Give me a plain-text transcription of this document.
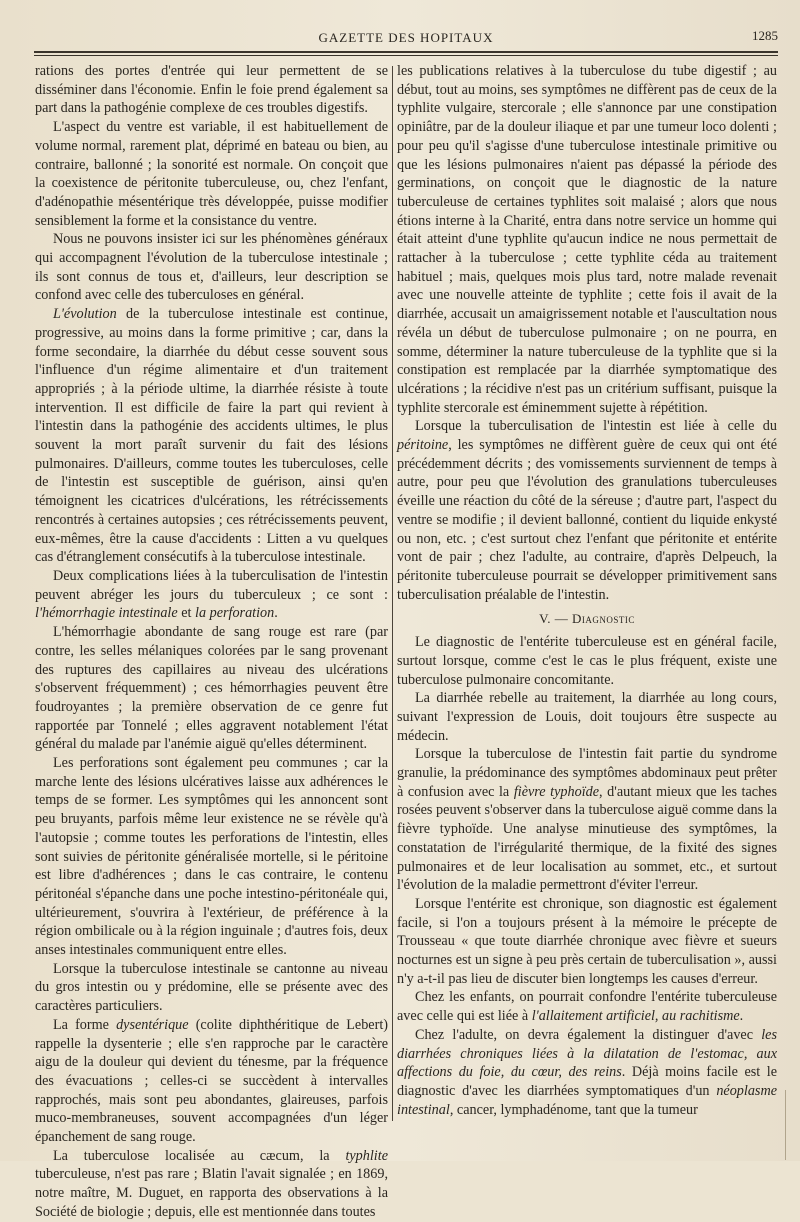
GAZETTE DES HOPITAUX	1285

rations des portes d'entrée qui leur permettent de se disséminer dans l'économie. Enfin le foie prend également sa part dans la pathogénie complexe de ces troubles digestifs.

L'aspect du ventre est variable, il est habituellement de volume normal, rarement plat, déprimé en bateau ou bien, au contraire, ballonné ; la sonorité est normale. On conçoit que la coexistence de péritonite tuberculeuse, ou, chez l'enfant, d'adénopathie mésentérique très développée, puisse modifier sensiblement la forme et la consistance du ventre.

Nous ne pouvons insister ici sur les phénomènes généraux qui accompagnent l'évolution de la tuberculose intestinale ; ils sont connus de tous et, d'ailleurs, leur description se confond avec celle des tuberculoses en général.

L'évolution de la tuberculose intestinale est continue, progressive, au moins dans la forme primitive ; car, dans la forme secondaire, la diarrhée du début cesse souvent sous l'influence d'un régime alimentaire et d'un traitement appropriés ; à la période ultime, la diarrhée résiste à toute intervention. Il est difficile de faire la part qui revient à l'intestin dans la pathogénie des accidents ultimes, le plus souvent la mort paraît survenir du fait des lésions pulmonaires. D'ailleurs, comme toutes les tuberculoses, celle de l'intestin est susceptible de guérison, ainsi qu'en témoignent les cicatrices d'ulcérations, les rétrécissements rencontrés à certaines autopsies ; ces rétrécissements peuvent, eux-mêmes, être la cause d'accidents : Litten a vu quelques cas d'étranglement consécutifs à la tuberculose intestinale.

Deux complications liées à la tuberculisation de l'intestin peuvent abréger les jours du tuberculeux ; ce sont : l'hémorrhagie intestinale et la perforation.

L'hémorrhagie abondante de sang rouge est rare (par contre, les selles mélaniques colorées par le sang provenant des ruptures des capillaires au niveau des ulcérations s'observent fréquemment) ; ces hémorrhagies peuvent être foudroyantes ; la première observation de ce genre fut rapportée par Tonnelé ; elles aggravent notablement l'état général du malade par l'anémie aiguë qu'elles déterminent.

Les perforations sont également peu communes ; car la marche lente des lésions ulcératives laisse aux adhérences le temps de se former. Les symptômes qui les annoncent sont peu bruyants, parfois même leur existence ne se révèle qu'à l'autopsie ; comme toutes les perforations de l'intestin, elles sont suivies de péritonite généralisée mortelle, si le péritoine est libre d'adhérences ; dans le cas contraire, le contenu péritonéal s'épanche dans une poche intestino-péritonéale qui, ultérieurement, s'ouvrira à l'extérieur, de préférence à la région ombilicale ou à la région inguinale ; d'autres fois, deux anses intestinales communiquent entre elles.

Lorsque la tuberculose intestinale se cantonne au niveau du gros intestin ou y prédomine, elle se présente avec des caractères particuliers.

La forme dysentérique (colite diphthéritique de Lebert) rappelle la dysenterie ; elle s'en rapproche par le caractère aigu de la douleur qui devient du ténesme, par la fréquence des évacuations ; celles-ci se succèdent à intervalles rapprochés, mais sont peu abondantes, glaireuses, parfois muco-membraneuses, souvent accompagnées d'un léger épanchement de sang rouge.

La tuberculose localisée au cæcum, la typhlite tuberculeuse, n'est pas rare ; Blatin l'avait signalée ; en 1869, notre maître, M. Duguet, en rapporta des observations à la Société de biologie ; depuis, elle est mentionnée dans toutes

les publications relatives à la tuberculose du tube digestif ; au début, tout au moins, ses symptômes ne diffèrent pas de ceux de la typhlite vulgaire, stercorale ; elle s'annonce par une constipation opiniâtre, par de la douleur iliaque et par une tumeur loco dolenti ; pour peu qu'il s'agisse d'une tuberculose intestinale primitive ou que les lésions pulmonaires n'aient pas dépassé la période des germinations, on conçoit que le diagnostic de la nature tuberculeuse de certaines typhlites soit malaisé ; alors que nous étions interne à la Charité, entra dans notre service un homme qui était atteint d'une typhlite qu'aucun indice ne nous permettait de rattacher à la tuberculose ; cette typhlite céda au traitement habituel ; mais, quelques mois plus tard, notre malade revenait avec une nouvelle atteinte de typhlite ; cette fois il avait de la diarrhée, accusait un amaigrissement notable et l'auscultation nous révéla un début de tuberculose pulmonaire ; on ne pourra, en somme, déterminer la nature tuberculeuse de la typhlite que si la constipation est remplacée par la diarrhée symptomatique des ulcérations ; la récidive n'est pas un critérium suffisant, puisque la typhlite stercorale est éminemment sujette à répétition.

Lorsque la tuberculisation de l'intestin est liée à celle du péritoine, les symptômes ne diffèrent guère de ceux qui ont été précédemment décrits ; des vomissements surviennent de temps à autre, pour peu que l'évolution des granulations tuberculeuses éveille une réaction du côté de la séreuse ; d'autre part, l'aspect du ventre se modifie ; il devient ballonné, contient du liquide enkysté ou non, etc. ; c'est surtout chez l'enfant que péritonite et entérite vont de pair ; chez l'adulte, au contraire, d'après Delpeuch, la péritonite tuberculeuse pourrait se développer primitivement sans tuberculisation préalable de l'intestin.

V. — Diagnostic

Le diagnostic de l'entérite tuberculeuse est en général facile, surtout lorsque, comme c'est le cas le plus fréquent, existe une tuberculose pulmonaire concomitante.

La diarrhée rebelle au traitement, la diarrhée au long cours, suivant l'expression de Louis, doit toujours être suspecte au médecin.

Lorsque la tuberculose de l'intestin fait partie du syndrome granulie, la prédominance des symptômes abdominaux peut prêter à confusion avec la fièvre typhoïde, d'autant mieux que les taches rosées peuvent s'observer dans la tuberculose aiguë comme dans la fièvre typhoïde. Une analyse minutieuse des symptômes, la constatation de l'irrégularité thermique, de la fixité des signes pulmonaires et de leur localisation au sommet, etc., et surtout l'évolution de la maladie permettront d'éviter l'erreur.

Lorsque l'entérite est chronique, son diagnostic est également facile, si l'on a toujours présent à la mémoire le précepte de Trousseau « que toute diarrhée chronique avec fièvre et sueurs nocturnes est un signe à peu près certain de tuberculisation », aussi n'y a-t-il pas lieu de discuter bien longtemps les causes d'erreur.

Chez les enfants, on pourrait confondre l'entérite tuberculeuse avec celle qui est liée à l'allaitement artificiel, au rachitisme.

Chez l'adulte, on devra également la distinguer d'avec les diarrhées chroniques liées à la dilatation de l'estomac, aux affections du foie, du cœur, des reins. Déjà moins facile est le diagnostic d'avec les diarrhées symptomatiques d'un néoplasme intestinal, cancer, lymphadénome, tant que la tumeur
